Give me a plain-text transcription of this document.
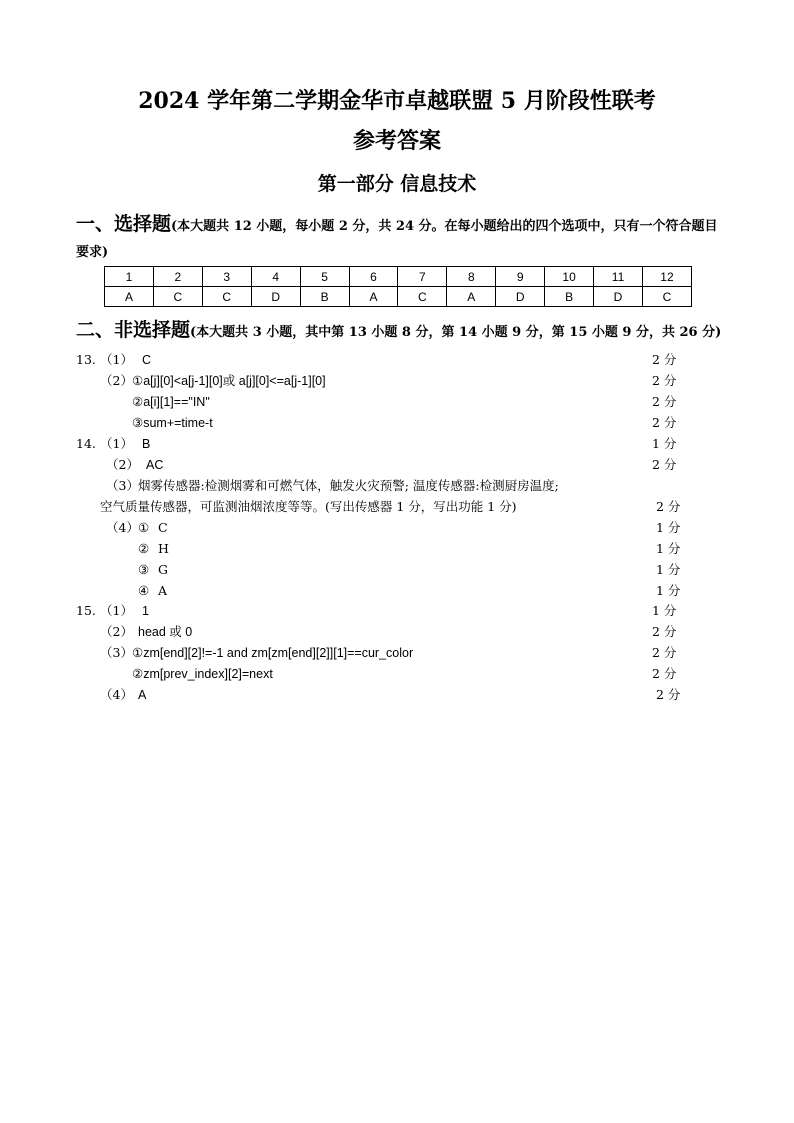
2024 学年第二学期金华市卓越联盟 5 月阶段性联考
参考答案
第一部分 信息技术
一、选择题(本大题共 12 小题，每小题 2 分，共 24 分。在每小题给出的四个选项中，只有一个符合题目要求)
1	2	3	4	5	6	7	8	9	10	11	12
A	C	C	D	B	A	C	A	D	B	D	C
二、非选择题(本大题共 3 小题，其中第 13 小题 8 分，第 14 小题 9 分，第 15 小题 9 分，共 26 分)
13. （1） C	2 分
（2） ①a[j][0]<a[j-1][0]或 a[j][0]<=a[j-1][0]	2 分
②a[i][1]=="IN"	2 分
③sum+=time-t	2 分
14. （1） B	1 分
（2） AC	2 分
（3） 烟雾传感器:检测烟雾和可燃气体，触发火灾预警; 温度传感器:检测厨房温度;
空气质量传感器，可监测油烟浓度等等。(写出传感器 1 分，写出功能 1 分)	2 分
（4） ① C	1 分
② H	1 分
③ G	1 分
④ A	1 分
15. （1） 1	1 分
（2） head 或 0	2 分
（3） ①zm[end][2]!=-1 and zm[zm[end][2]][1]==cur_color	2 分
②zm[prev_index][2]=next	2 分
（4） A	2 分
